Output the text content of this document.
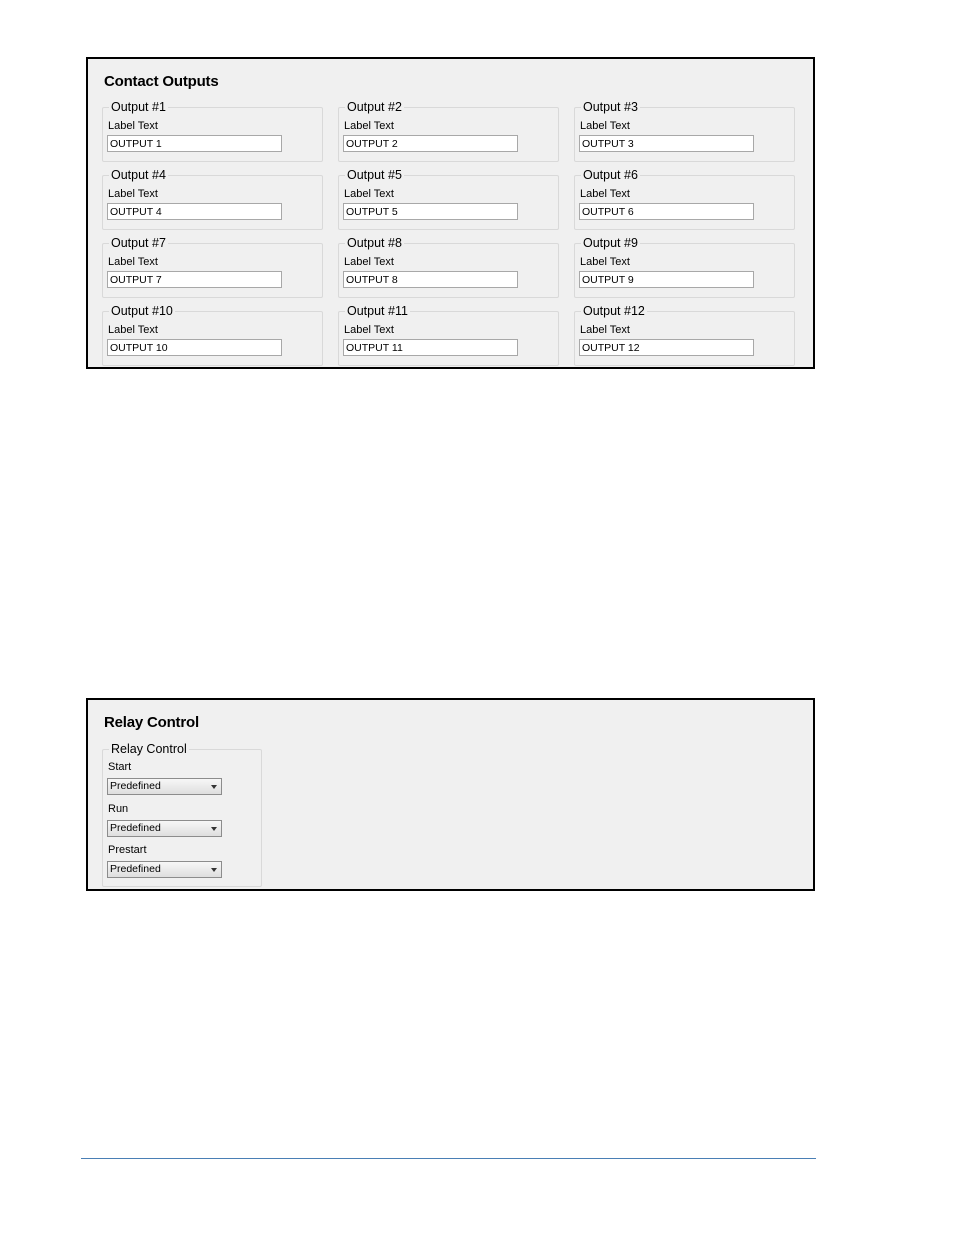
Contact Outputs
Output #1
Label Text
OUTPUT 1
Output #2
Label Text
OUTPUT 2
Output #3
Label Text
OUTPUT 3
Output #4
Label Text
OUTPUT 4
Output #5
Label Text
OUTPUT 5
Output #6
Label Text
OUTPUT 6
Output #7
Label Text
OUTPUT 7
Output #8
Label Text
OUTPUT 8
Output #9
Label Text
OUTPUT 9
Output #10
Label Text
OUTPUT 10
Output #11
Label Text
OUTPUT 11
Output #12
Label Text
OUTPUT 12
Relay Control
Relay Control
Start
Predefined
Run
Predefined
Prestart
Predefined
